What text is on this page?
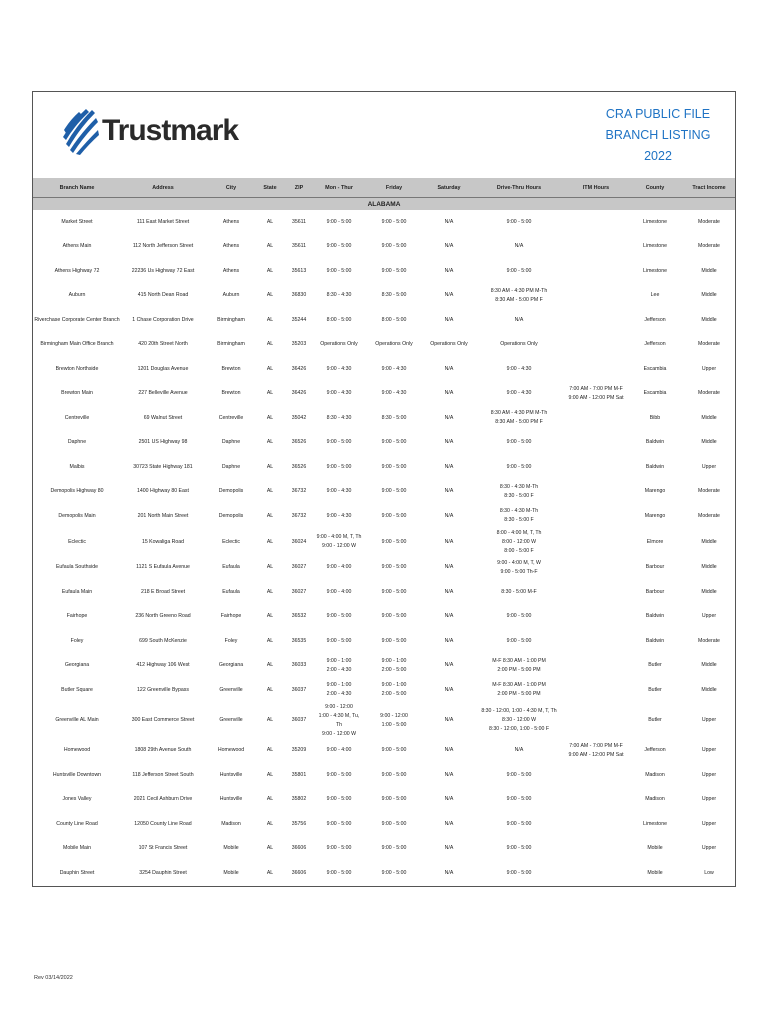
Trustmark	CRA PUBLIC FILE
BRANCH LISTING
2022
Branch Name	Address	City	State	ZIP	Mon - Thur	Friday	Saturday	Drive-Thru Hours	ITM Hours	County	Tract Income
ALABAMA											
Market Street	111 East Market Street	Athens	AL	35611	9:00 - 5:00	9:00 - 5:00	N/A	9:00 - 5:00		Limestone	Moderate
Athens Main	112 North Jefferson Street	Athens	AL	35611	9:00 - 5:00	9:00 - 5:00	N/A	N/A		Limestone	Moderate
Athens Highway 72	22236 Us Highway 72 East	Athens	AL	35613	9:00 - 5:00	9:00 - 5:00	N/A	9:00 - 5:00		Limestone	Middle
Auburn	415 North Dean Road	Auburn	AL	36830	8:30 - 4:30	8:30 - 5:00	N/A	8:30 AM - 4:30 PM M-Th
8:30 AM - 5:00 PM F		Lee	Middle
Riverchase Corporate Center Branch	1 Chase Corporation Drive	Birmingham	AL	35244	8:00 - 5:00	8:00 - 5:00	N/A	N/A		Jefferson	Middle
Birmingham Main Office Branch	420 20th Street North	Birmingham	AL	35203	Operations Only	Operations Only	Operations Only	Operations Only		Jefferson	Moderate
Brewton Northside	1201 Douglas Avenue	Brewton	AL	36426	9:00 - 4:30	9:00 - 4:30	N/A	9:00 - 4:30		Escambia	Upper
Brewton Main	227 Belleville Avenue	Brewton	AL	36426	9:00 - 4:30	9:00 - 4:30	N/A	9:00 - 4:30	7:00 AM - 7:00 PM M-F
9:00 AM - 12:00 PM Sat	Escambia	Moderate
Centreville	69 Walnut Street	Centreville	AL	35042	8:30 - 4:30	8:30 - 5:00	N/A	8:30 AM - 4:30 PM M-Th
8:30 AM - 5:00 PM F		Bibb	Middle
Daphne	2501 US Highway 98	Daphne	AL	36526	9:00 - 5:00	9:00 - 5:00	N/A	9:00 - 5:00		Baldwin	Middle
Malbis	30723 State Highway 181	Daphne	AL	36526	9:00 - 5:00	9:00 - 5:00	N/A	9:00 - 5:00		Baldwin	Upper
Demopolis Highway 80	1400 Highway 80 East	Demopolis	AL	36732	9:00 - 4:30	9:00 - 5:00	N/A	8:30 - 4:30 M-Th
8:30 - 5:00 F		Marengo	Moderate
Demopolis Main	201 North Main Street	Demopolis	AL	36732	9:00 - 4:30	9:00 - 5:00	N/A	8:30 - 4:30 M-Th
8:30 - 5:00 F		Marengo	Moderate
Eclectic	15 Kowaliga Road	Eclectic	AL	36024	9:00 - 4:00 M, T, Th
9:00 - 12:00 W	9:00 - 5:00	N/A	8:00 - 4:00 M, T, Th
8:00 - 12:00 W
8:00 - 5:00 F		Elmore	Middle
Eufaula Southside	1121 S Eufaula Avenue	Eufaula	AL	36027	9:00 - 4:00	9:00 - 5:00	N/A	9:00 - 4:00 M, T, W
9:00 - 5:00 Th-F		Barbour	Middle
Eufaula Main	218 E Broad Street	Eufaula	AL	36027	9:00 - 4:00	9:00 - 5:00	N/A	8:30 - 5:00 M-F		Barbour	Middle
Fairhope	236 North Greeno Road	Fairhope	AL	36532	9:00 - 5:00	9:00 - 5:00	N/A	9:00 - 5:00		Baldwin	Upper
Foley	699 South McKenzie	Foley	AL	36535	9:00 - 5:00	9:00 - 5:00	N/A	9:00 - 5:00		Baldwin	Moderate
Georgiana	412 Highway 106 West	Georgiana	AL	36033	9:00 - 1:00
2:00 - 4:30	9:00 - 1:00
2:00 - 5:00	N/A	M-F 8:30 AM - 1:00 PM
2:00 PM - 5:00 PM		Butler	Middle
Butler Square	122 Greenville Bypass	Greenville	AL	36037	9:00 - 1:00
2:00 - 4:30	9:00 - 1:00
2:00 - 5:00	N/A	M-F 8:30 AM - 1:00 PM
2:00 PM - 5:00 PM		Butler	Middle
Greenville AL Main	300 East Commerce Street	Greenville	AL	36037	9:00 - 12:00
1:00 - 4:30 M, Tu, Th
9:00 - 12:00 W	9:00 - 12:00
1:00 - 5:00	N/A	8:30 - 12:00, 1:00 - 4:30 M, T, Th
8:30 - 12:00 W
8:30 - 12:00, 1:00 - 5:00 F		Butler	Upper
Homewood	1808 29th Avenue South	Homewood	AL	35209	9:00 - 4:00	9:00 - 5:00	N/A	N/A	7:00 AM - 7:00 PM M-F
9:00 AM - 12:00 PM Sat	Jefferson	Upper
Huntsville Downtown	118 Jefferson Street South	Huntsville	AL	35801	9:00 - 5:00	9:00 - 5:00	N/A	9:00 - 5:00		Madison	Upper
Jones Valley	2021 Cecil Ashburn Drive	Huntsville	AL	35802	9:00 - 5:00	9:00 - 5:00	N/A	9:00 - 5:00		Madison	Upper
County Line Road	12050 County Line Road	Madison	AL	35756	9:00 - 5:00	9:00 - 5:00	N/A	9:00 - 5:00		Limestone	Upper
Mobile Main	107 St Francis Street	Mobile	AL	36606	9:00 - 5:00	9:00 - 5:00	N/A	9:00 - 5:00		Mobile	Upper
Dauphin Street	3254 Dauphin Street	Mobile	AL	36606	9:00 - 5:00	9:00 - 5:00	N/A	9:00 - 5:00		Mobile	Low
Rev 03/14/2022
